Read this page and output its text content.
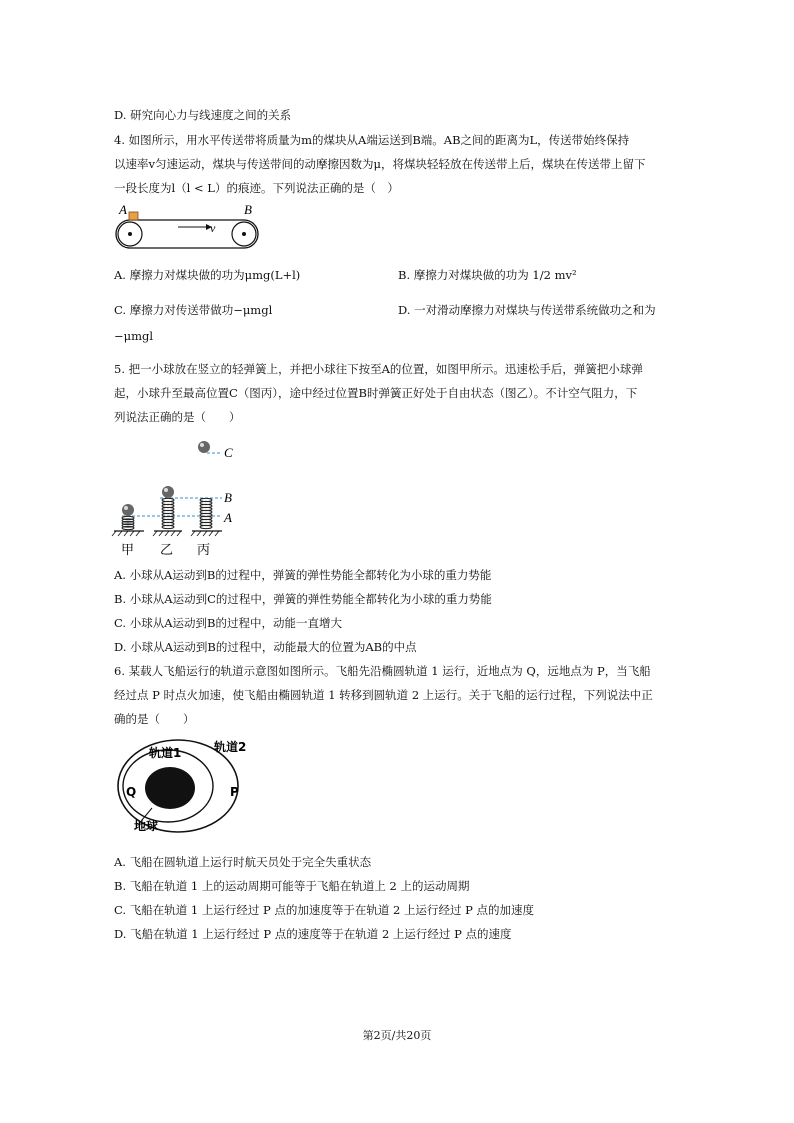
D. 研究向心力与线速度之间的关系
4. 如图所示，用水平传送带将质量为m的煤块从A端运送到B端。AB之间的距离为L，传送带始终保持
以速率v匀速运动，煤块与传送带间的动摩擦因数为μ，将煤块轻轻放在传送带上后，煤块在传送带上留下
一段长度为l（l < L）的痕迹。下列说法正确的是（　）
A	B
v
A. 摩擦力对煤块做的功为μmg(L+l)	B. 摩擦力对煤块做的功为 1/2 mv²
C. 摩擦力对传送带做功−μmgl	D. 一对滑动摩擦力对煤块与传送带系统做功之和为
−μmgl
5. 把一小球放在竖立的轻弹簧上，并把小球往下按至A的位置，如图甲所示。迅速松手后，弹簧把小球弹
起，小球升至最高位置C（图丙），途中经过位置B时弹簧正好处于自由状态（图乙）。不计空气阻力，下
列说法正确的是（　　）
C
B
A
甲 乙 丙
A. 小球从A运动到B的过程中，弹簧的弹性势能全都转化为小球的重力势能
B. 小球从A运动到C的过程中，弹簧的弹性势能全都转化为小球的重力势能
C. 小球从A运动到B的过程中，动能一直增大
D. 小球从A运动到B的过程中，动能最大的位置为AB的中点
6. 某载人飞船运行的轨道示意图如图所示。飞船先沿椭圆轨道 1 运行，近地点为 Q，远地点为 P，当飞船
经过点 P 时点火加速，使飞船由椭圆轨道 1 转移到圆轨道 2 上运行。关于飞船的运行过程，下列说法中正
确的是（　　）
轨道1	轨道2
Q	P
地球
A. 飞船在圆轨道上运行时航天员处于完全失重状态
B. 飞船在轨道 1 上的运动周期可能等于飞船在轨道上 2 上的运动周期
C. 飞船在轨道 1 上运行经过 P 点的加速度等于在轨道 2 上运行经过 P 点的加速度
D. 飞船在轨道 1 上运行经过 P 点的速度等于在轨道 2 上运行经过 P 点的速度
第2页/共20页
